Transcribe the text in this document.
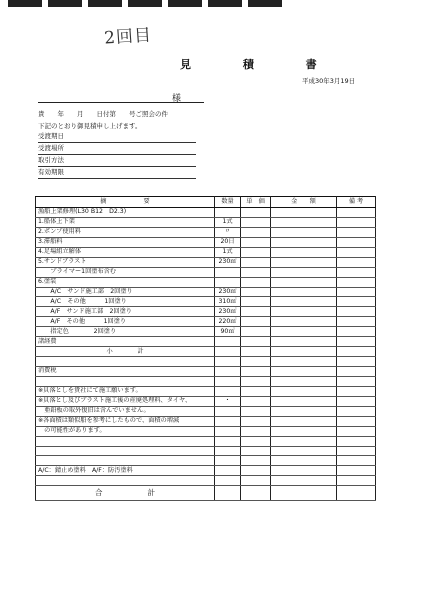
2回目
見 積 書
平成30年3月19日
様
貴　　年　　月　　日付第　　号ご照会の件
下記のとおり御見積申し上げます。
受渡期日
受渡場所
取引方法
有効期限
摘　　　　　　要	数量	単　価	金　　額	備 考
漁船上架修理(L30 B12　D2.3)				
1.船体上下架	1式			
2.ポンプ使用料	〃			
3.滞船料	20日			
4.足場組立解体	1式			
5.サンドブラスト	230㎡			
　　プライマー1回塗布含む				
6.塗装				
　　A/C　サンド施工部　2回塗り	230㎡			
　　A/C　その他　　　1回塗り	310㎡			
　　A/F　サンド施工部　2回塗り	230㎡			
　　A/F　その他　　　1回塗り	220㎡			
　　指定色　　　　2回塗り	90㎡			
諸経費				
小　　　　計				

消費税				

※貝落としを貴社にて施工願います。				
※貝落とし及びブラスト施工後の産廃処理料、タイヤ、	・			
　亜鉛板の取外復旧は含んでいません。				
※各面積は類似船を参考にしたもので、面積の増減				
　の可能性があります。				

A/C：錆止め塗料　A/F：防汚塗料				

合　　　　　　計				
